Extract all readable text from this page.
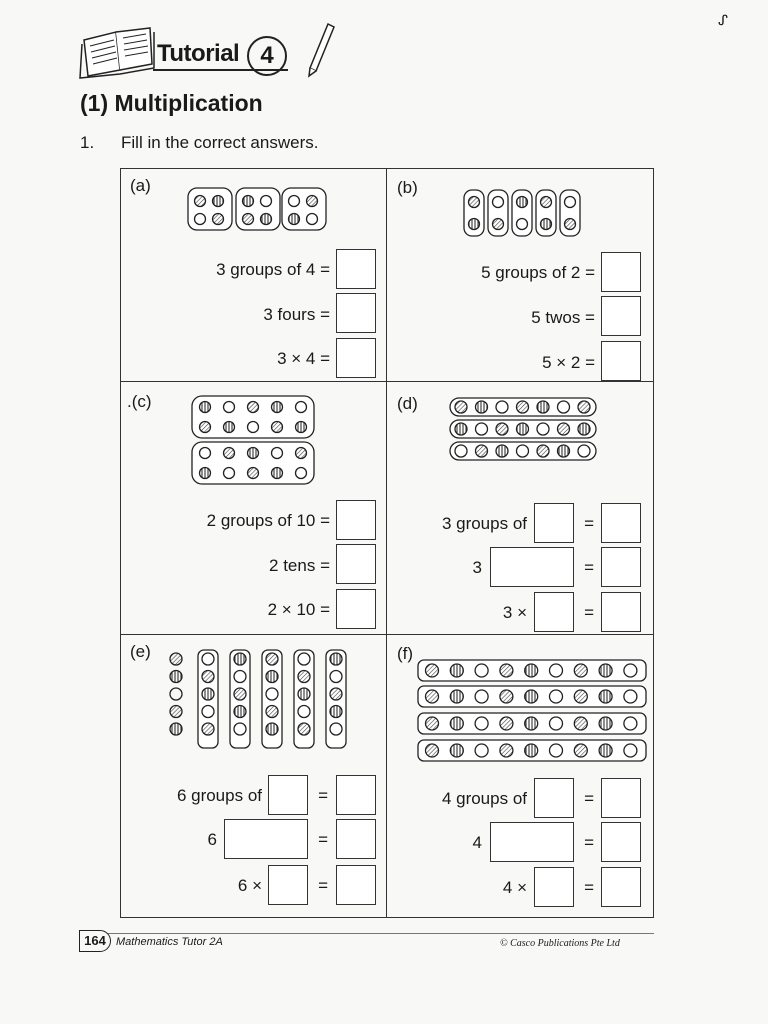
ᔑ
Tutorial 4
(1) Multiplication
1. Fill in the correct answers.
(a)
3 groups of 4 =
3 fours =
3 × 4 =
(b)
5 groups of 2 =
5 twos =
5 × 2 =
.(c)
2 groups of 10 =
2 tens =
2 × 10 =
(d)
3 groups of	=
3	=
3 ×	=
(e)
6 groups of	=
6	=
6 ×	=
(f)
4 groups of	=
4	=
4 ×	=
164 Mathematics Tutor 2A	© Casco Publications Pte Ltd
